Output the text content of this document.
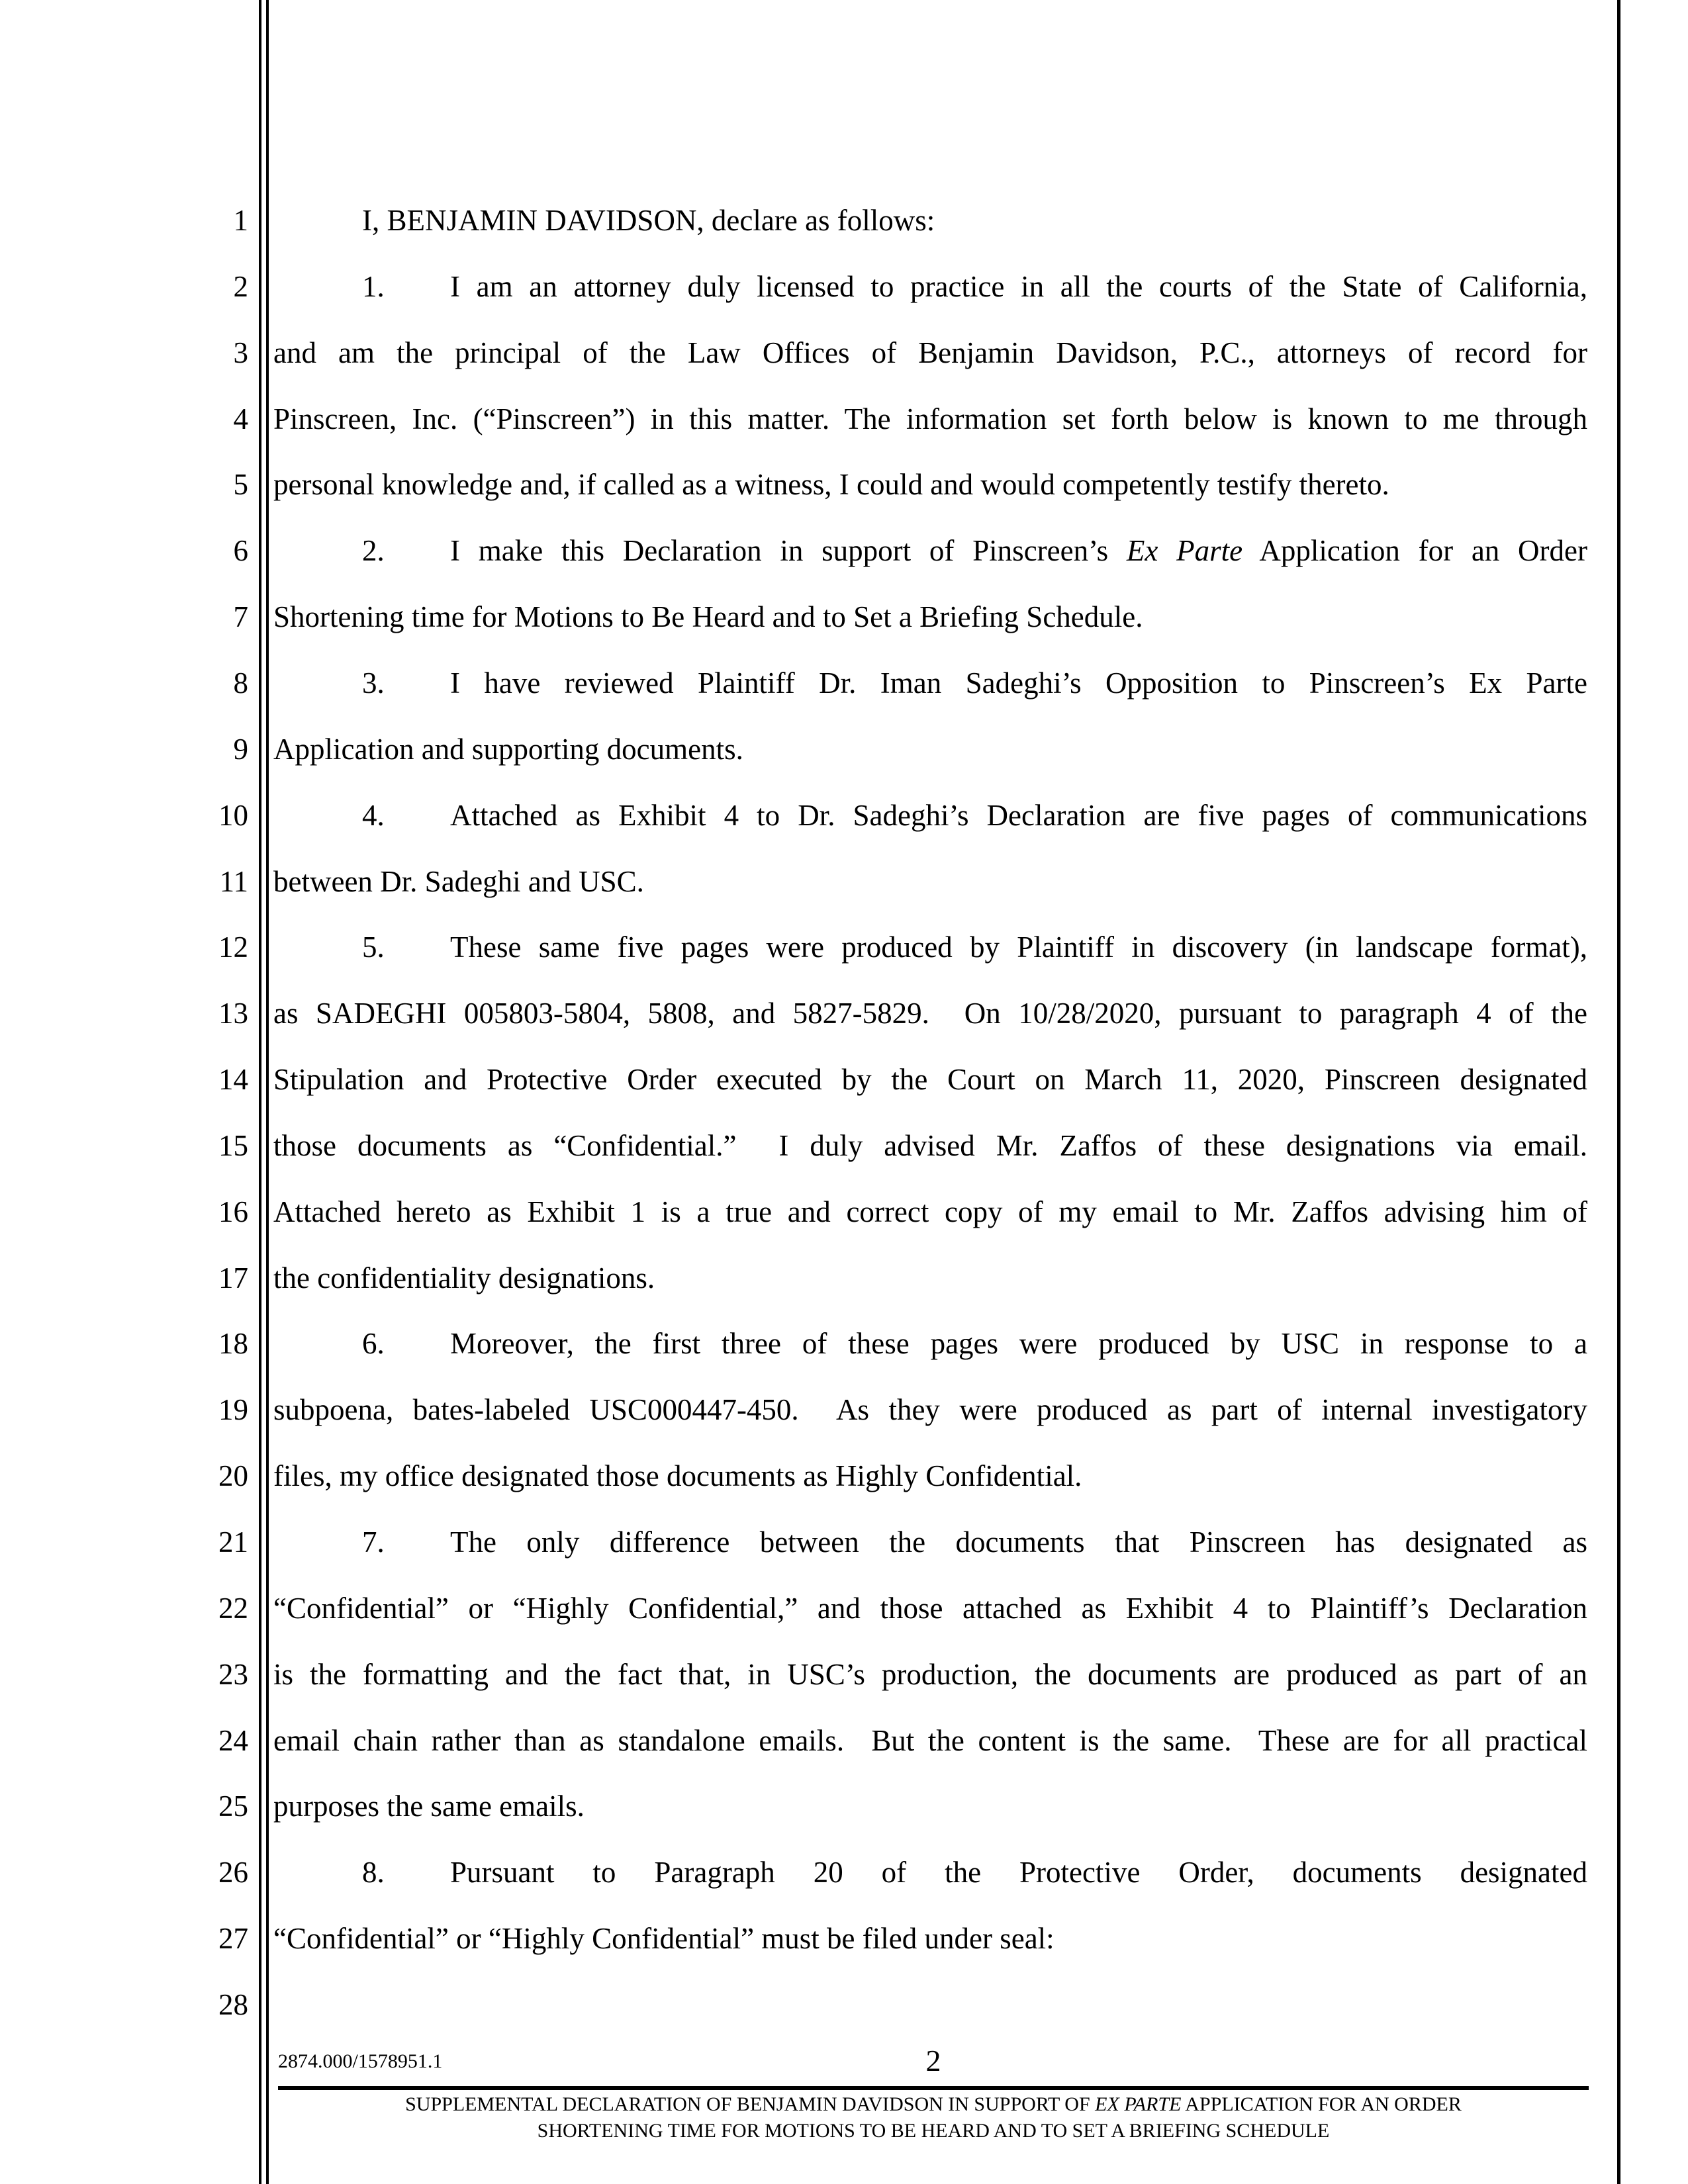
1
2
3
4
5
6
7
8
9
10
11
12
13
14
15
16
17
18
19
20
21
22
23
24
25
26
27
28
I, BENJAMIN DAVIDSON, declare as follows:
1. I am an attorney duly licensed to practice in all the courts of the State of California,
and am the principal of the Law Offices of Benjamin Davidson, P.C., attorneys of record for
Pinscreen, Inc. (“Pinscreen”) in this matter. The information set forth below is known to me through
personal knowledge and, if called as a witness, I could and would competently testify thereto.
2. I make this Declaration in support of Pinscreen’s Ex Parte Application for an Order
Shortening time for Motions to Be Heard and to Set a Briefing Schedule.
3. I have reviewed Plaintiff Dr. Iman Sadeghi’s Opposition to Pinscreen’s Ex Parte
Application and supporting documents.
4. Attached as Exhibit 4 to Dr. Sadeghi’s Declaration are five pages of communications
between Dr. Sadeghi and USC.
5. These same five pages were produced by Plaintiff in discovery (in landscape format),
as SADEGHI 005803-5804, 5808, and 5827-5829.  On 10/28/2020, pursuant to paragraph 4 of the
Stipulation and Protective Order executed by the Court on March 11, 2020, Pinscreen designated
those documents as “Confidential.”  I duly advised Mr. Zaffos of these designations via email.
Attached hereto as Exhibit 1 is a true and correct copy of my email to Mr. Zaffos advising him of
the confidentiality designations.
6. Moreover, the first three of these pages were produced by USC in response to a
subpoena, bates-labeled USC000447-450.  As they were produced as part of internal investigatory
files, my office designated those documents as Highly Confidential.
7. The only difference between the documents that Pinscreen has designated as
“Confidential” or “Highly Confidential,” and those attached as Exhibit 4 to Plaintiff’s Declaration
is the formatting and the fact that, in USC’s production, the documents are produced as part of an
email chain rather than as standalone emails.  But the content is the same.  These are for all practical
purposes the same emails.
8. Pursuant to Paragraph 20 of the Protective Order, documents designated
“Confidential” or “Highly Confidential” must be filed under seal:
2874.000/1578951.1	2
SUPPLEMENTAL DECLARATION OF BENJAMIN DAVIDSON IN SUPPORT OF EX PARTE APPLICATION FOR AN ORDER
SHORTENING TIME FOR MOTIONS TO BE HEARD AND TO SET A BRIEFING SCHEDULE
